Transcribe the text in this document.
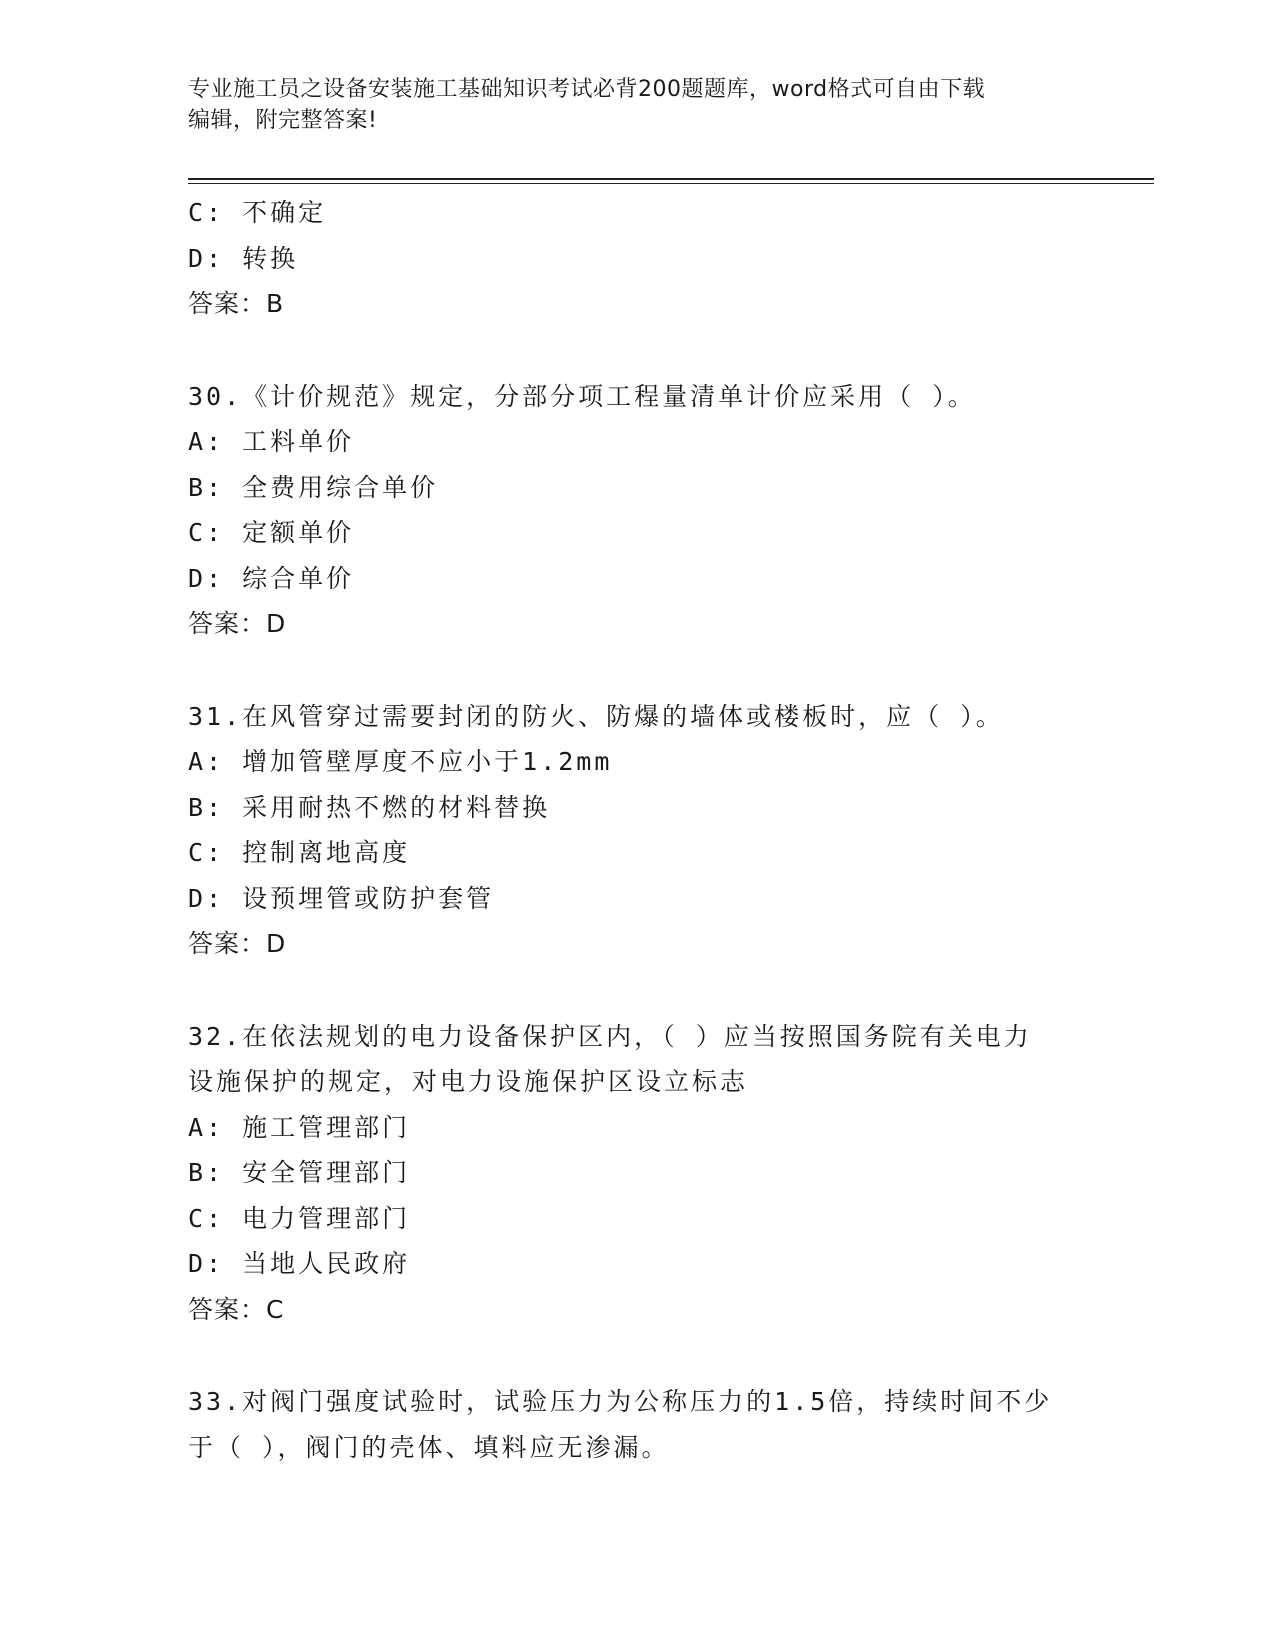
专业施工员之设备安装施工基础知识考试必背200题题库，word格式可自由下载
编辑，附完整答案!
C: 不确定
D: 转换
答案：B
30.《计价规范》规定，分部分项工程量清单计价应采用（ ）。
A: 工料单价
B: 全费用综合单价
C: 定额单价
D: 综合单价
答案：D
31.在风管穿过需要封闭的防火、防爆的墙体或楼板时，应（ ）。
A: 增加管壁厚度不应小于1.2mm
B: 采用耐热不燃的材料替换
C: 控制离地高度
D: 设预埋管或防护套管
答案：D
32.在依法规划的电力设备保护区内，（ ）应当按照国务院有关电力
设施保护的规定，对电力设施保护区设立标志
A: 施工管理部门
B: 安全管理部门
C: 电力管理部门
D: 当地人民政府
答案：C
33.对阀门强度试验时，试验压力为公称压力的1.5倍，持续时间不少
于（ ），阀门的壳体、填料应无渗漏。
